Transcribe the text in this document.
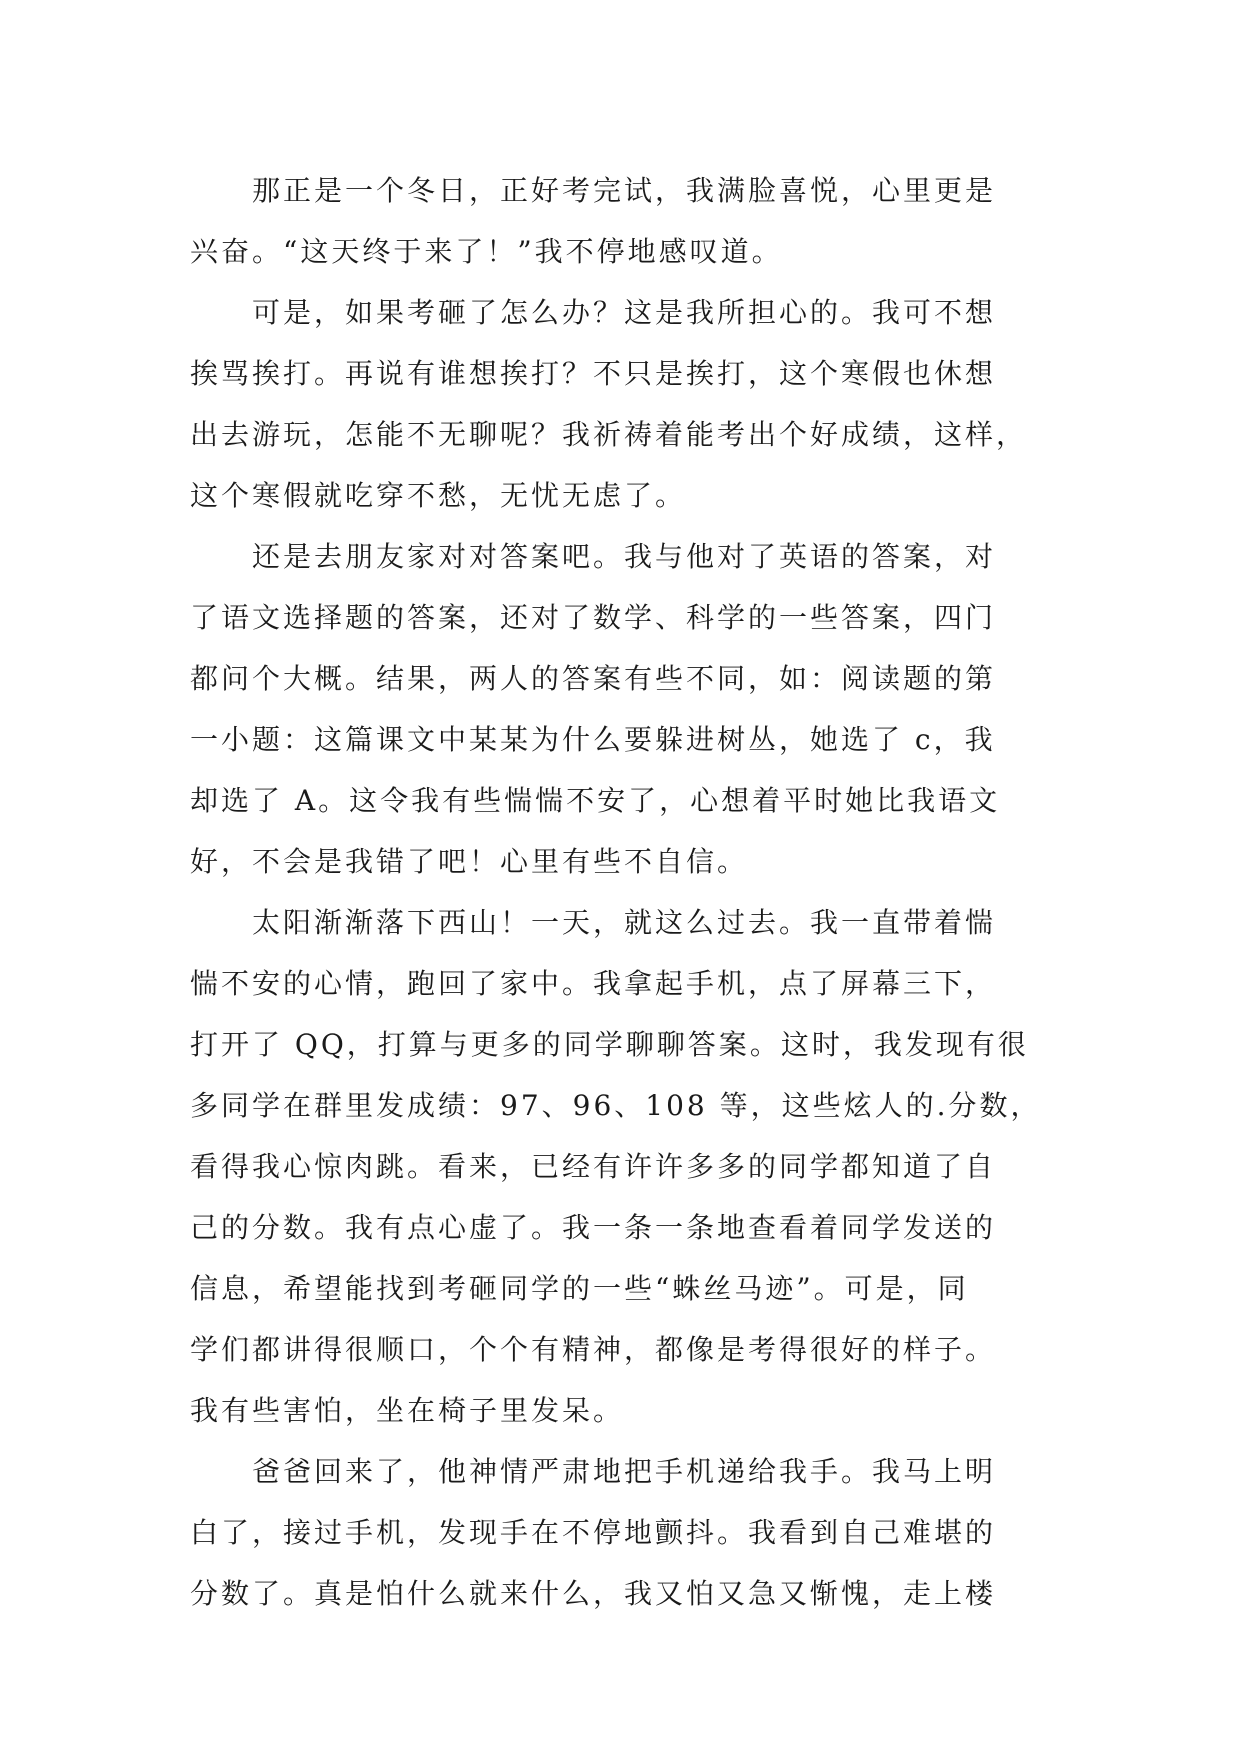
那正是一个冬日，正好考完试，我满脸喜悦，心里更是
兴奋。“这天终于来了！”我不停地感叹道。
可是，如果考砸了怎么办？这是我所担心的。我可不想
挨骂挨打。再说有谁想挨打？不只是挨打，这个寒假也休想
出去游玩，怎能不无聊呢？我祈祷着能考出个好成绩，这样，
这个寒假就吃穿不愁，无忧无虑了。
还是去朋友家对对答案吧。我与他对了英语的答案，对
了语文选择题的答案，还对了数学、科学的一些答案，四门
都问个大概。结果，两人的答案有些不同，如：阅读题的第
一小题：这篇课文中某某为什么要躲进树丛，她选了 c，我
却选了 A。这令我有些惴惴不安了，心想着平时她比我语文
好，不会是我错了吧！心里有些不自信。
太阳渐渐落下西山！一天，就这么过去。我一直带着惴
惴不安的心情，跑回了家中。我拿起手机，点了屏幕三下，
打开了 QQ，打算与更多的同学聊聊答案。这时，我发现有很
多同学在群里发成绩：97、96、108 等，这些炫人的.分数，
看得我心惊肉跳。看来，已经有许许多多的同学都知道了自
己的分数。我有点心虚了。我一条一条地查看着同学发送的
信息，希望能找到考砸同学的一些“蛛丝马迹”。可是，同
学们都讲得很顺口，个个有精神，都像是考得很好的样子。
我有些害怕，坐在椅子里发呆。
爸爸回来了，他神情严肃地把手机递给我手。我马上明
白了，接过手机，发现手在不停地颤抖。我看到自己难堪的
分数了。真是怕什么就来什么，我又怕又急又惭愧，走上楼
